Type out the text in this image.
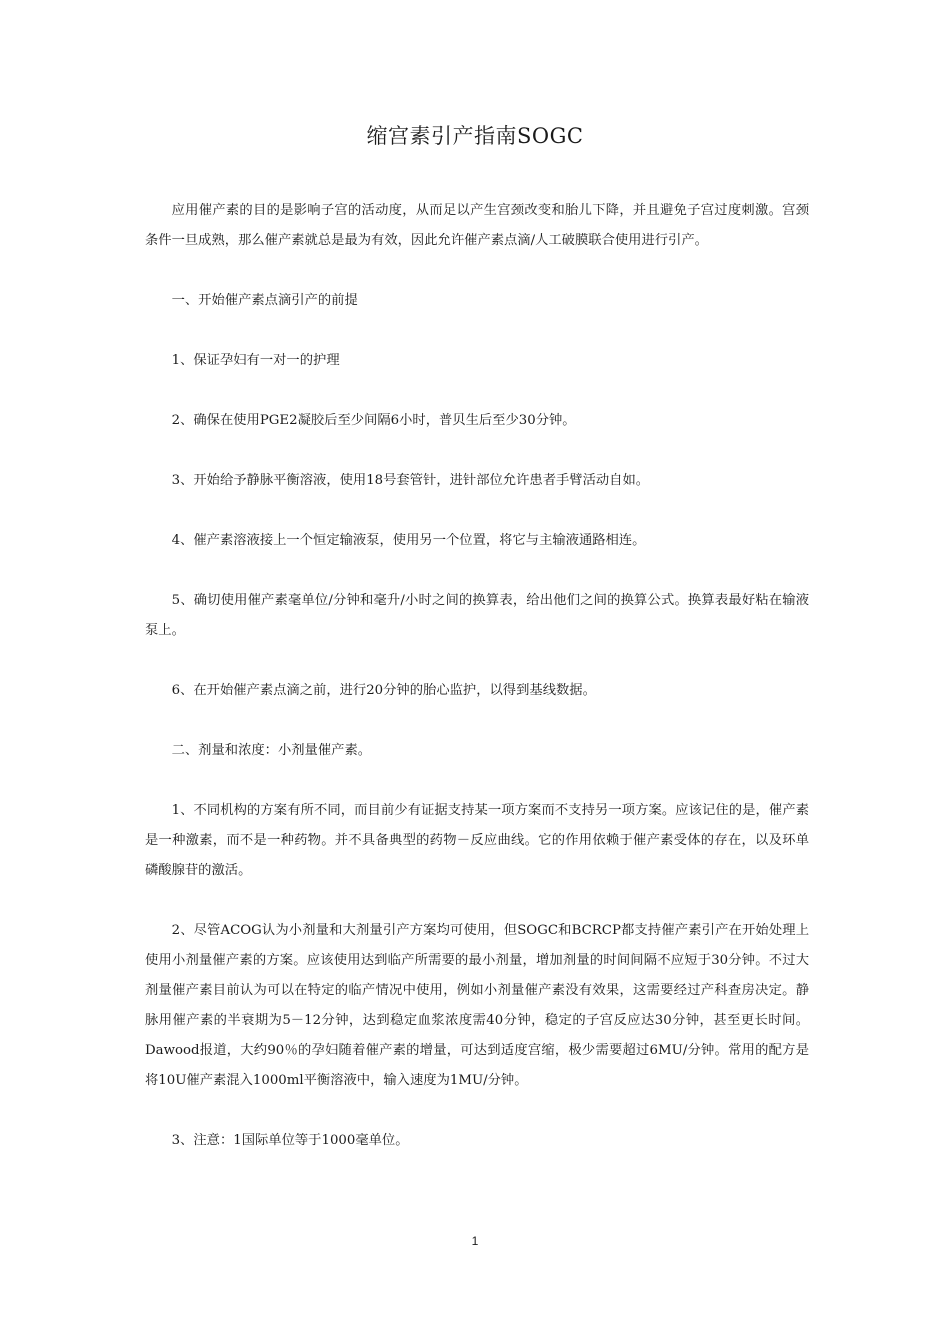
缩宫素引产指南SOGC

应用催产素的目的是影响子宫的活动度，从而足以产生宫颈改变和胎儿下降，并且避免子宫过度刺激。宫颈条件一旦成熟，那么催产素就总是最为有效，因此允许催产素点滴/人工破膜联合使用进行引产。

一、开始催产素点滴引产的前提

1、保证孕妇有一对一的护理

2、确保在使用PGE2凝胶后至少间隔6小时，普贝生后至少30分钟。

3、开始给予静脉平衡溶液，使用18号套管针，进针部位允许患者手臂活动自如。

4、催产素溶液接上一个恒定输液泵，使用另一个位置，将它与主输液通路相连。

5、确切使用催产素毫单位/分钟和毫升/小时之间的换算表，给出他们之间的换算公式。换算表最好粘在输液泵上。

6、在开始催产素点滴之前，进行20分钟的胎心监护，以得到基线数据。

二、剂量和浓度：小剂量催产素。

1、不同机构的方案有所不同，而目前少有证据支持某一项方案而不支持另一项方案。应该记住的是，催产素是一种激素，而不是一种药物。并不具备典型的药物－反应曲线。它的作用依赖于催产素受体的存在，以及环单磷酸腺苷的激活。

2、尽管ACOG认为小剂量和大剂量引产方案均可使用，但SOGC和BCRCP都支持催产素引产在开始处理上使用小剂量催产素的方案。应该使用达到临产所需要的最小剂量，增加剂量的时间间隔不应短于30分钟。不过大剂量催产素目前认为可以在特定的临产情况中使用，例如小剂量催产素没有效果，这需要经过产科查房决定。静脉用催产素的半衰期为5－12分钟，达到稳定血浆浓度需40分钟，稳定的子宫反应达30分钟，甚至更长时间。Dawood报道，大约90％的孕妇随着催产素的增量，可达到适度宫缩，极少需要超过6MU/分钟。常用的配方是将10U催产素混入1000ml平衡溶液中，输入速度为1MU/分钟。

3、注意：1国际单位等于1000毫单位。

1
